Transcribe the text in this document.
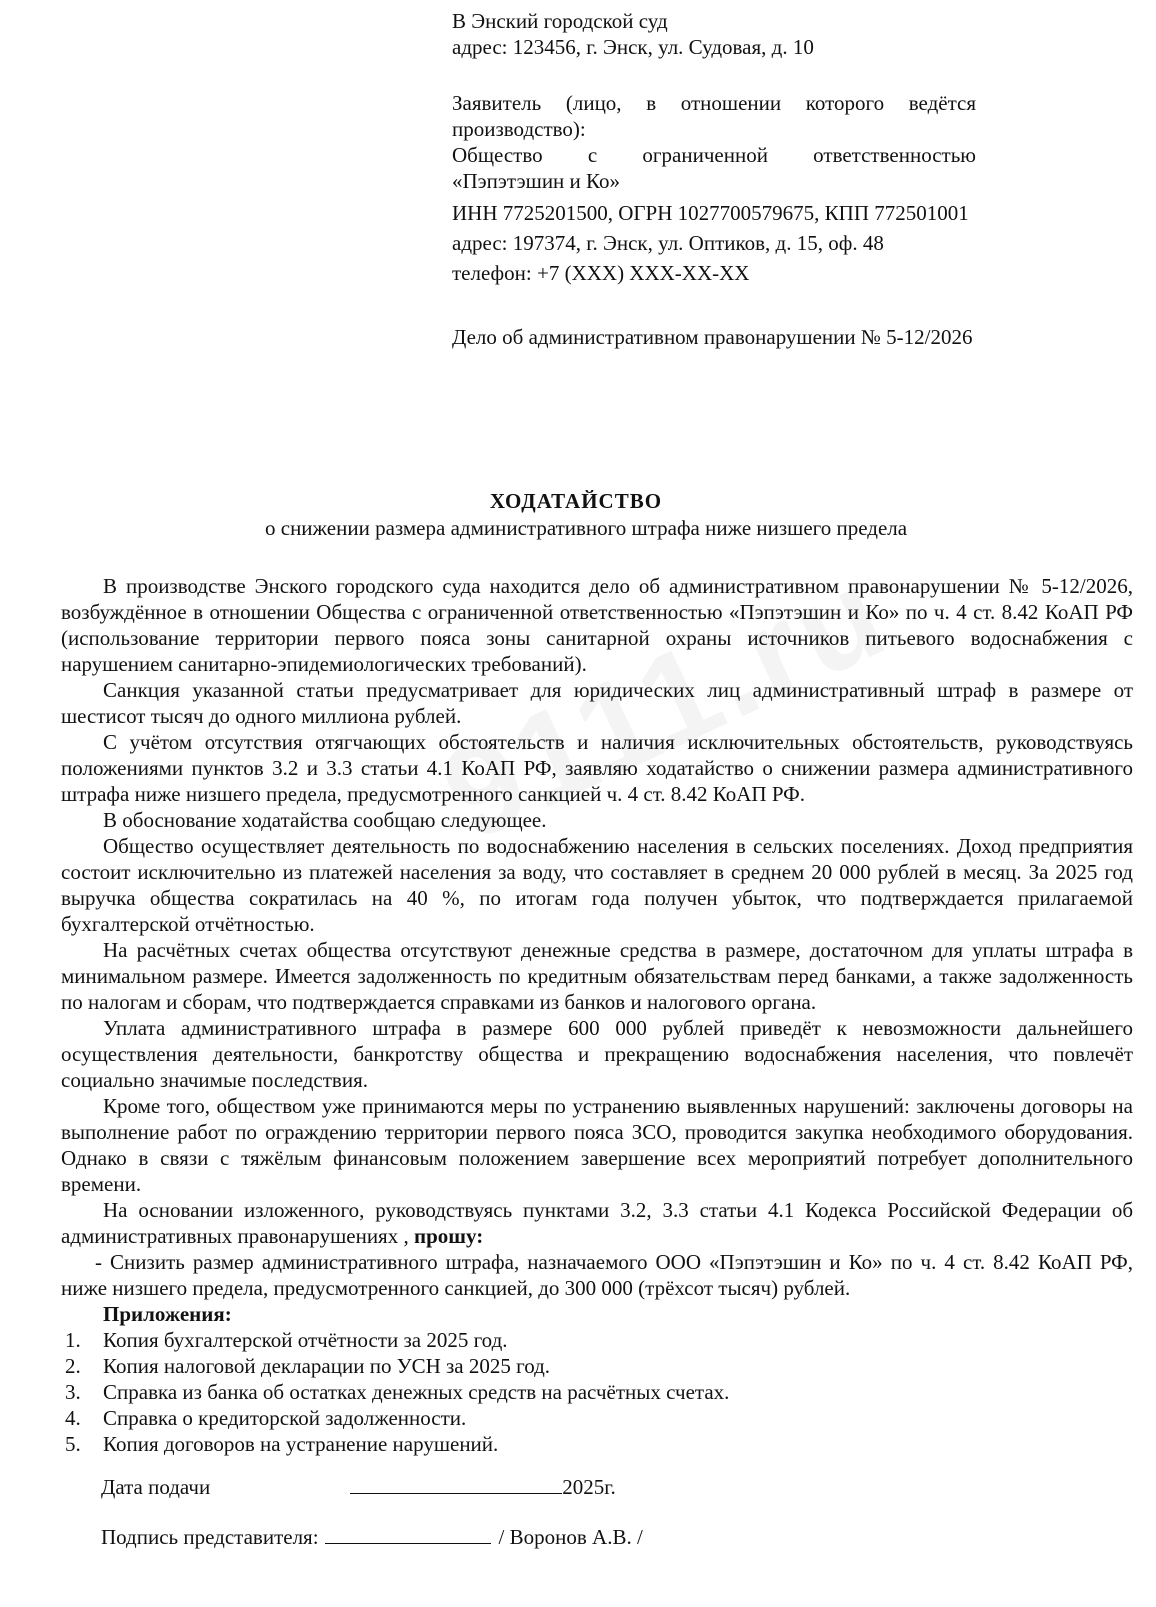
В Энский городской суд

адрес: 123456, г. Энск, ул. Судовая, д. 10

Заявитель (лицо, в отношении которого ведётся производство):

Общество с ограниченной ответственностью

«Пэпэтэшин и Ко»

ИНН 7725201500, ОГРН 1027700579675, КПП 772501001

адрес: 197374, г. Энск, ул. Оптиков, д. 15, оф. 48

телефон: +7 (XXX) XXX-XX-XX

Дело об административном правонарушении № 5-12/2026

ХОДАТАЙСТВО

о снижении размера административного штрафа ниже низшего предела

В производстве Энского городского суда находится дело об административном правонарушении № 5-12/2026, возбуждённое в отношении Общества с ограниченной ответственностью «Пэпэтэшин и Ко» по ч. 4 ст. 8.42 КоАП РФ (использование территории первого пояса зоны санитарной охраны источников питьевого водоснабжения с нарушением санитарно-эпидемиологических требований).

Санкция указанной статьи предусматривает для юридических лиц административный штраф в размере от шестисот тысяч до одного миллиона рублей.

С учётом отсутствия отягчающих обстоятельств и наличия исключительных обстоятельств, руководствуясь положениями пунктов 3.2 и 3.3 статьи 4.1 КоАП РФ, заявляю ходатайство о снижении размера административного штрафа ниже низшего предела, предусмотренного санкцией ч. 4 ст. 8.42 КоАП РФ.

В обоснование ходатайства сообщаю следующее.

Общество осуществляет деятельность по водоснабжению населения в сельских поселениях. Доход предприятия состоит исключительно из платежей населения за воду, что составляет в среднем 20 000 рублей в месяц. За 2025 год выручка общества сократилась на 40 %, по итогам года получен убыток, что подтверждается прилагаемой бухгалтерской отчётностью.

На расчётных счетах общества отсутствуют денежные средства в размере, достаточном для уплаты штрафа в минимальном размере. Имеется задолженность по кредитным обязательствам перед банками, а также задолженность по налогам и сборам, что подтверждается справками из банков и налогового органа.

Уплата административного штрафа в размере 600 000 рублей приведёт к невозможности дальнейшего осуществления деятельности, банкротству общества и прекращению водоснабжения населения, что повлечёт социально значимые последствия.

Кроме того, обществом уже принимаются меры по устранению выявленных нарушений: заключены договоры на выполнение работ по ограждению территории первого пояса ЗСО, проводится закупка необходимого оборудования. Однако в связи с тяжёлым финансовым положением завершение всех мероприятий потребует дополнительного времени.

На основании изложенного, руководствуясь пунктами 3.2, 3.3 статьи 4.1 Кодекса Российской Федерации об административных правонарушениях , прошу:

- Снизить размер административного штрафа, назначаемого ООО «Пэпэтэшин и Ко» по ч. 4 ст. 8.42 КоАП РФ, ниже низшего предела, предусмотренного санкцией, до 300 000 (трёхсот тысяч) рублей.

Приложения:

1.	Копия бухгалтерской отчётности за 2025 год.
2.	Копия налоговой декларации по УСН за 2025 год.
3.	Справка из банка об остатках денежных средств на расчётных счетах.
4.	Справка о кредиторской задолженности.
5.	Копия договоров на устранение нарушений.
Дата подачи	2025г.
Подпись представителя:	/ Воронов А.В. /
